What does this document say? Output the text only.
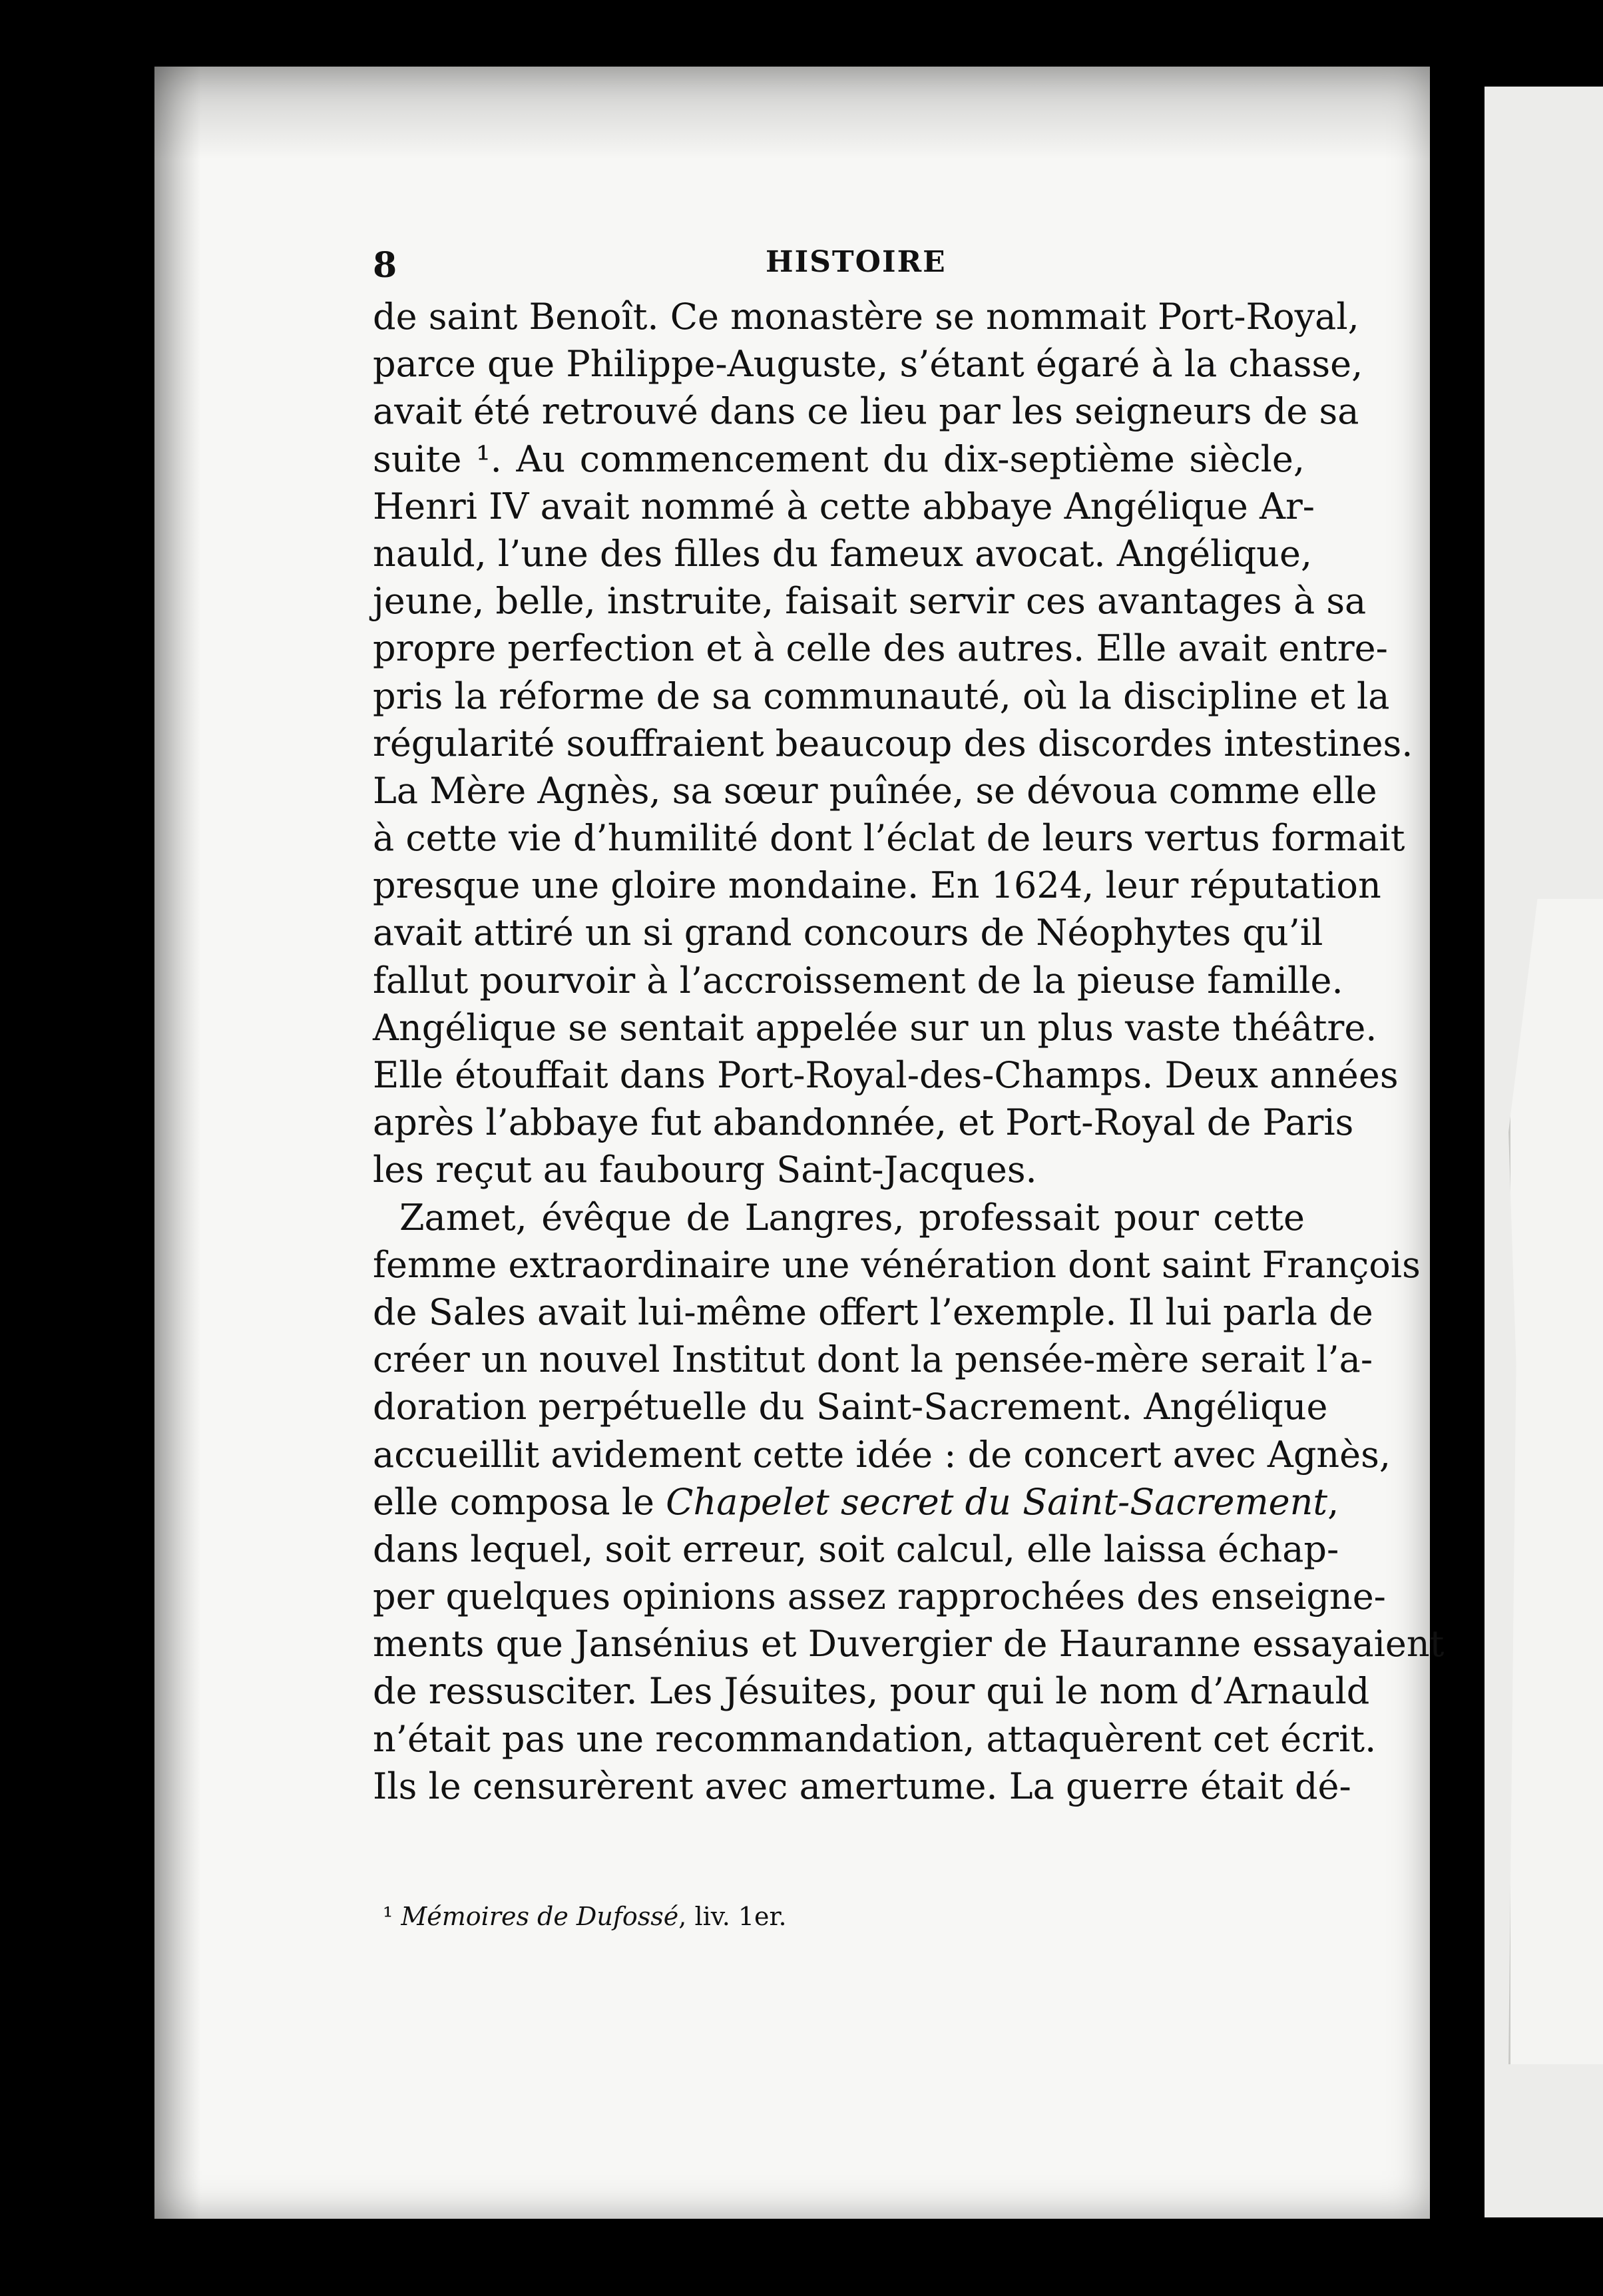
8	HISTOIRE
de saint Benoît. Ce monastère se nommait Port-Royal,
parce que Philippe-Auguste, s’étant égaré à la chasse,
avait été retrouvé dans ce lieu par les seigneurs de sa
suite ¹. Au commencement du dix-septième siècle,
Henri IV avait nommé à cette abbaye Angélique Ar-
nauld, l’une des filles du fameux avocat. Angélique,
jeune, belle, instruite, faisait servir ces avantages à sa
propre perfection et à celle des autres. Elle avait entre-
pris la réforme de sa communauté, où la discipline et la
régularité souffraient beaucoup des discordes intestines.
La Mère Agnès, sa sœur puînée, se dévoua comme elle
à cette vie d’humilité dont l’éclat de leurs vertus formait
presque une gloire mondaine. En 1624, leur réputation
avait attiré un si grand concours de Néophytes qu’il
fallut pourvoir à l’accroissement de la pieuse famille.
Angélique se sentait appelée sur un plus vaste théâtre.
Elle étouffait dans Port-Royal-des-Champs. Deux années
après l’abbaye fut abandonnée, et Port-Royal de Paris
les reçut au faubourg Saint-Jacques.
Zamet, évêque de Langres, professait pour cette
femme extraordinaire une vénération dont saint François
de Sales avait lui-même offert l’exemple. Il lui parla de
créer un nouvel Institut dont la pensée-mère serait l’a-
doration perpétuelle du Saint-Sacrement. Angélique
accueillit avidement cette idée : de concert avec Agnès,
elle composa le Chapelet secret du Saint-Sacrement,
dans lequel, soit erreur, soit calcul, elle laissa échap-
per quelques opinions assez rapprochées des enseigne-
ments que Jansénius et Duvergier de Hauranne essayaient
de ressusciter. Les Jésuites, pour qui le nom d’Arnauld
n’était pas une recommandation, attaquèrent cet écrit.
Ils le censurèrent avec amertume. La guerre était dé-
¹ Mémoires de Dufossé, liv. 1er.
